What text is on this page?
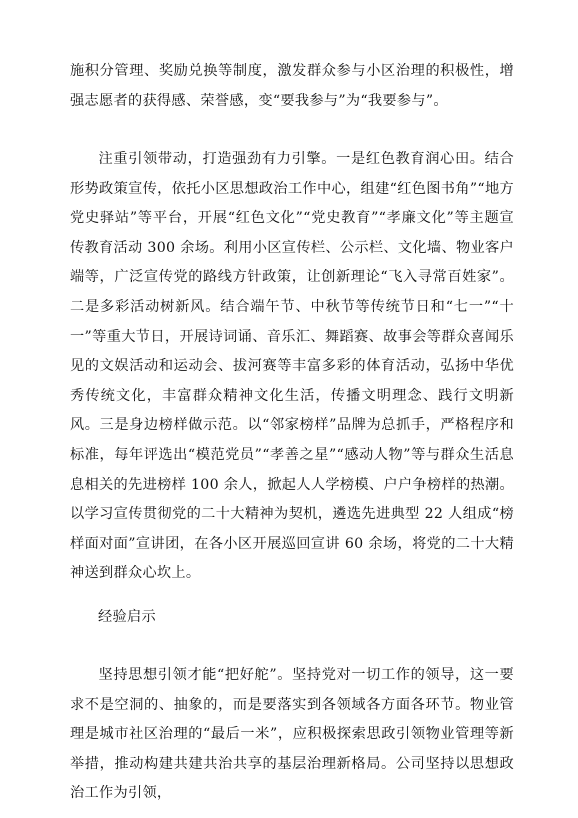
施积分管理、奖励兑换等制度，激发群众参与小区治理的积极性，增强志愿者的获得感、荣誉感，变“要我参与”为“我要参与”。

注重引领带动，打造强劲有力引擎。一是红色教育润心田。结合形势政策宣传，依托小区思想政治工作中心，组建“红色图书角”“地方党史驿站”等平台，开展“红色文化”“党史教育”“孝廉文化”等主题宣传教育活动 300 余场。利用小区宣传栏、公示栏、文化墙、物业客户端等，广泛宣传党的路线方针政策，让创新理论“飞入寻常百姓家”。二是多彩活动树新风。结合端午节、中秋节等传统节日和“七一”“十一”等重大节日，开展诗词诵、音乐汇、舞蹈赛、故事会等群众喜闻乐见的文娱活动和运动会、拔河赛等丰富多彩的体育活动，弘扬中华优秀传统文化，丰富群众精神文化生活，传播文明理念、践行文明新风。三是身边榜样做示范。以“邻家榜样”品牌为总抓手，严格程序和标准，每年评选出“模范党员”“孝善之星”“感动人物”等与群众生活息息相关的先进榜样 100 余人，掀起人人学榜模、户户争榜样的热潮。以学习宣传贯彻党的二十大精神为契机，遴选先进典型 22 人组成“榜样面对面”宣讲团，在各小区开展巡回宣讲 60 余场，将党的二十大精神送到群众心坎上。

经验启示

坚持思想引领才能“把好舵”。坚持党对一切工作的领导，这一要求不是空洞的、抽象的，而是要落实到各领域各方面各环节。物业管理是城市社区治理的“最后一米”，应积极探索思政引领物业管理等新举措，推动构建共建共治共享的基层治理新格局。公司坚持以思想政治工作为引领，
